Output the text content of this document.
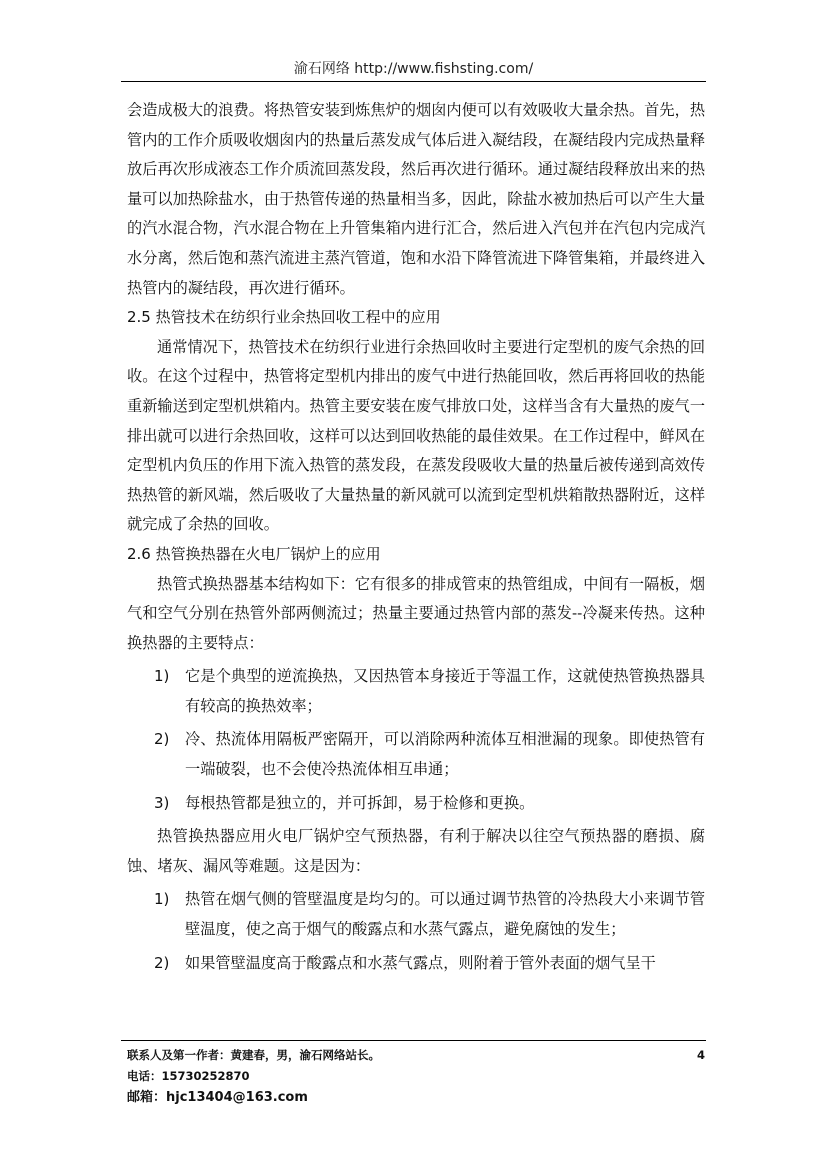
渝石网络 http://www.fishsting.com/

会造成极大的浪费。将热管安装到炼焦炉的烟囱内便可以有效吸收大量余热。首先，热管内的工作介质吸收烟囱内的热量后蒸发成气体后进入凝结段，在凝结段内完成热量释放后再次形成液态工作介质流回蒸发段，然后再次进行循环。通过凝结段释放出来的热量可以加热除盐水，由于热管传递的热量相当多，因此，除盐水被加热后可以产生大量的汽水混合物，汽水混合物在上升管集箱内进行汇合，然后进入汽包并在汽包内完成汽水分离，然后饱和蒸汽流进主蒸汽管道，饱和水沿下降管流进下降管集箱，并最终进入热管内的凝结段，再次进行循环。

2.5 热管技术在纺织行业余热回收工程中的应用

通常情况下，热管技术在纺织行业进行余热回收时主要进行定型机的废气余热的回收。在这个过程中，热管将定型机内排出的废气中进行热能回收，然后再将回收的热能重新输送到定型机烘箱内。热管主要安装在废气排放口处，这样当含有大量热的废气一排出就可以进行余热回收，这样可以达到回收热能的最佳效果。在工作过程中，鲜风在定型机内负压的作用下流入热管的蒸发段，在蒸发段吸收大量的热量后被传递到高效传热热管的新风端，然后吸收了大量热量的新风就可以流到定型机烘箱散热器附近，这样就完成了余热的回收。

2.6 热管换热器在火电厂锅炉上的应用

热管式换热器基本结构如下：它有很多的排成管束的热管组成，中间有一隔板，烟气和空气分别在热管外部两侧流过；热量主要通过热管内部的蒸发--冷凝来传热。这种换热器的主要特点：

1) 它是个典型的逆流换热，又因热管本身接近于等温工作，这就使热管换热器具有较高的换热效率；
2) 冷、热流体用隔板严密隔开，可以消除两种流体互相泄漏的现象。即使热管有一端破裂，也不会使冷热流体相互串通；
3) 每根热管都是独立的，并可拆卸，易于检修和更换。

热管换热器应用火电厂锅炉空气预热器，有利于解决以往空气预热器的磨损、腐蚀、堵灰、漏风等难题。这是因为：

1) 热管在烟气侧的管壁温度是均匀的。可以通过调节热管的冷热段大小来调节管壁温度，使之高于烟气的酸露点和水蒸气露点，避免腐蚀的发生；
2) 如果管壁温度高于酸露点和水蒸气露点，则附着于管外表面的烟气呈干
联系人及第一作者：黄建春，男，渝石网络站长。	4
电话：15730252870
邮箱：hjc13404@163.com
